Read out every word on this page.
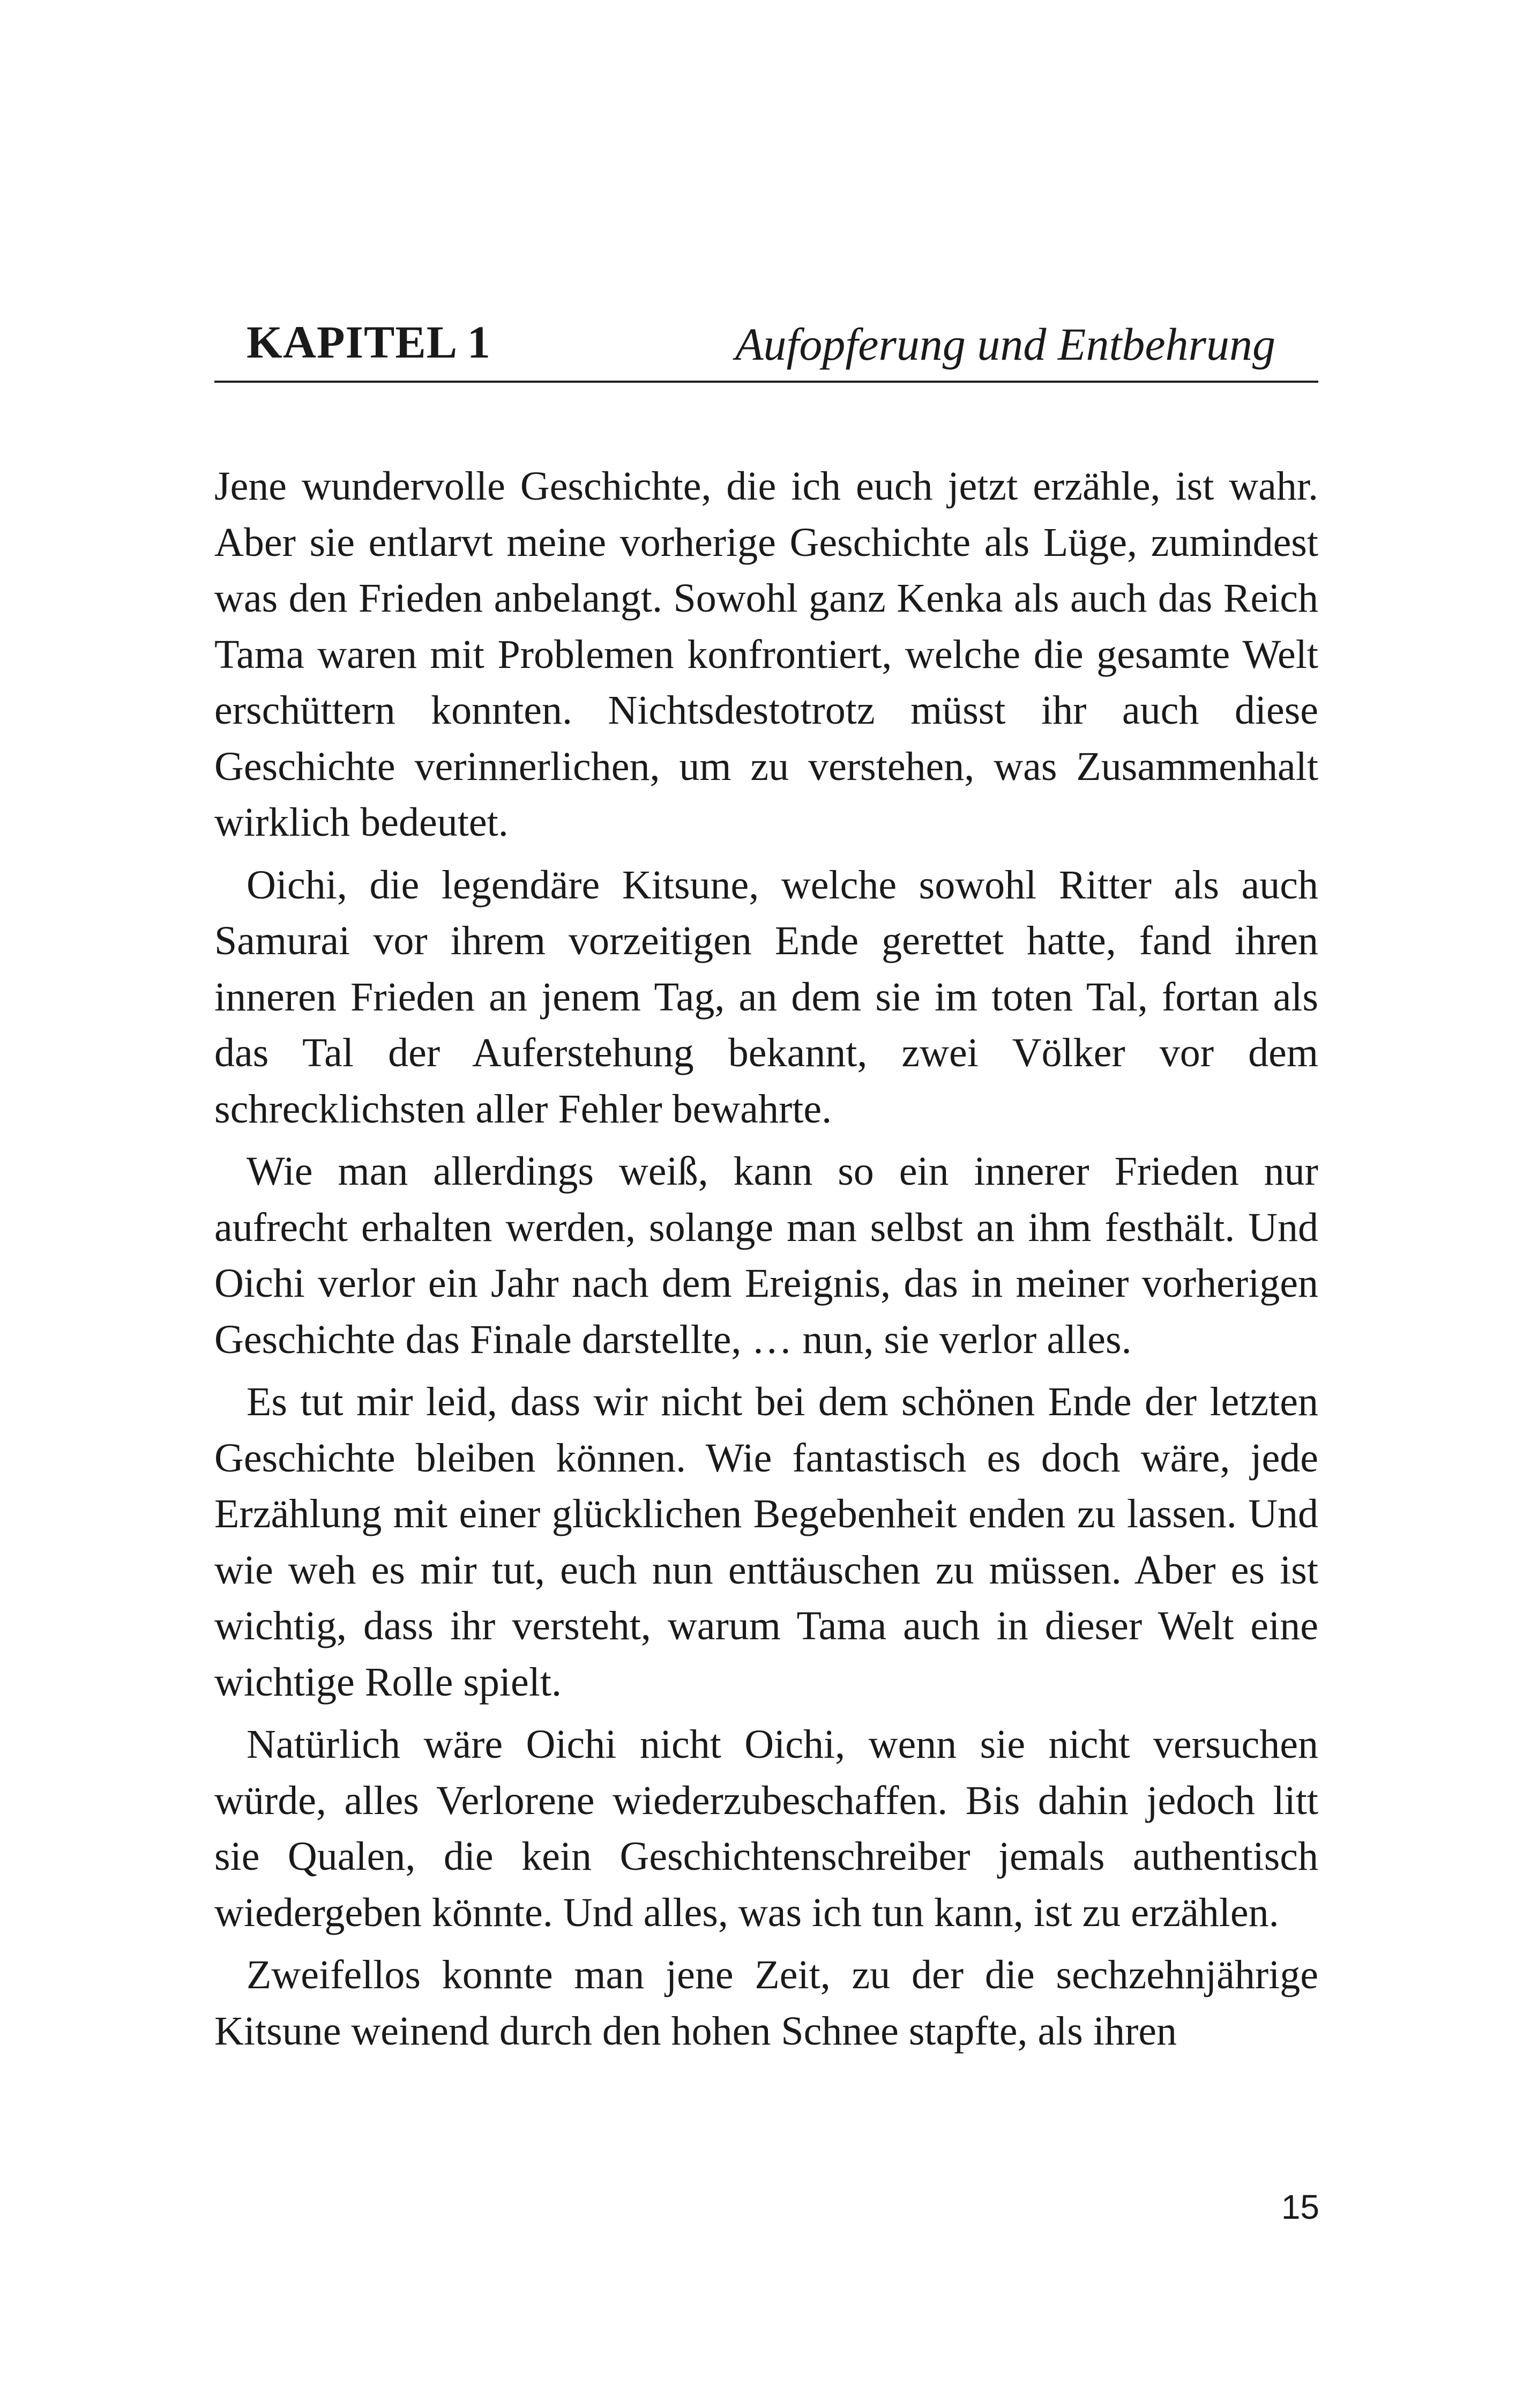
KAPITEL 1	Aufopferung und Entbehrung

Jene wundervolle Geschichte, die ich euch jetzt erzähle, ist wahr. Aber sie entlarvt meine vorherige Geschichte als Lüge, zumindest was den Frieden anbelangt. Sowohl ganz Kenka als auch das Reich Tama waren mit Problemen konfrontiert, welche die gesamte Welt erschüttern konnten. Nichtsdestotrotz müsst ihr auch diese Geschichte verinnerlichen, um zu verstehen, was Zusammenhalt wirklich bedeutet.

Oichi, die legendäre Kitsune, welche sowohl Ritter als auch Samurai vor ihrem vorzeitigen Ende gerettet hatte, fand ihren inneren Frieden an jenem Tag, an dem sie im toten Tal, fortan als das Tal der Auferstehung bekannt, zwei Völker vor dem schrecklichsten aller Fehler bewahrte.

Wie man allerdings weiß, kann so ein innerer Frieden nur aufrecht erhalten werden, solange man selbst an ihm festhält. Und Oichi verlor ein Jahr nach dem Ereignis, das in meiner vorherigen Geschichte das Finale darstellte, … nun, sie verlor alles.

Es tut mir leid, dass wir nicht bei dem schönen Ende der letzten Geschichte bleiben können. Wie fantastisch es doch wäre, jede Erzählung mit einer glücklichen Begebenheit enden zu lassen. Und wie weh es mir tut, euch nun enttäuschen zu müssen. Aber es ist wichtig, dass ihr versteht, warum Tama auch in dieser Welt eine wichtige Rolle spielt.

Natürlich wäre Oichi nicht Oichi, wenn sie nicht versuchen würde, alles Verlorene wiederzubeschaffen. Bis dahin jedoch litt sie Qualen, die kein Geschichtenschreiber jemals authentisch wiedergeben könnte. Und alles, was ich tun kann, ist zu erzählen.

Zweifellos konnte man jene Zeit, zu der die sechzehnjährige Kitsune weinend durch den hohen Schnee stapfte, als ihren

15
